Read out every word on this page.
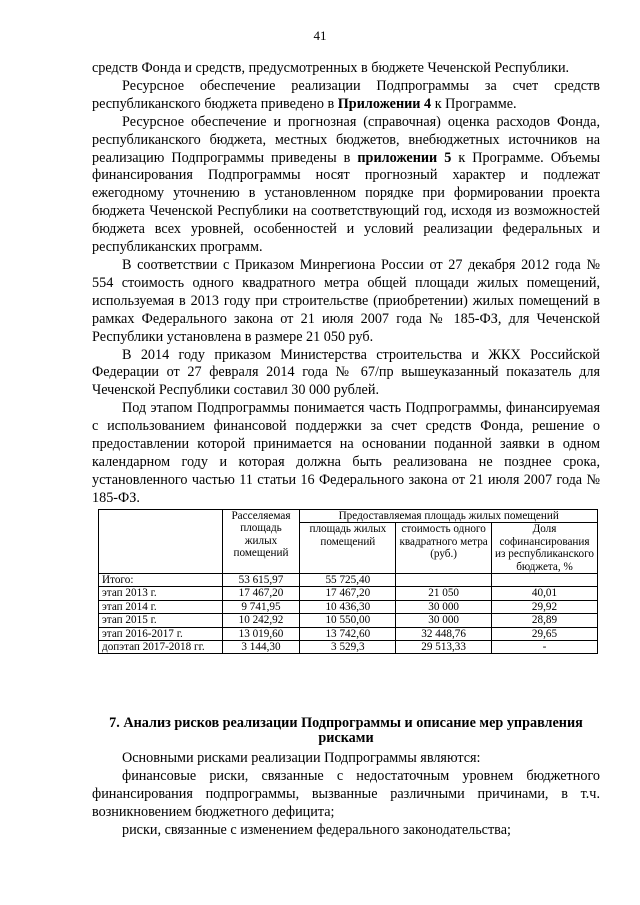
41

средств Фонда и средств, предусмотренных в бюджете Чеченской Республики.

Ресурсное обеспечение реализации Подпрограммы за счет средств республиканского бюджета приведено в Приложении 4 к Программе.

Ресурсное обеспечение и прогнозная (справочная) оценка расходов Фонда, республиканского бюджета, местных бюджетов, внебюджетных источников на реализацию Подпрограммы приведены в приложении 5 к Программе. Объемы финансирования Подпрограммы носят прогнозный характер и подлежат ежегодному уточнению в установленном порядке при формировании проекта бюджета Чеченской Республики на соответствующий год, исходя из возможностей бюджета всех уровней, особенностей и условий реализации федеральных и республиканских программ.

В соответствии с Приказом Минрегиона России от 27 декабря 2012 года № 554 стоимость одного квадратного метра общей площади жилых помещений, используемая в 2013 году при строительстве (приобретении) жилых помещений в рамках Федерального закона от 21 июля 2007 года № 185-ФЗ, для Чеченской Республики установлена в размере 21 050 руб.

В 2014 году приказом Министерства строительства и ЖКХ Российской Федерации от 27 февраля 2014 года № 67/пр вышеуказанный показатель для Чеченской Республики составил 30 000 рублей.

Под этапом Подпрограммы понимается часть Подпрограммы, финансируемая с использованием финансовой поддержки за счет средств Фонда, решение о предоставлении которой принимается на основании поданной заявки в одном календарном году и которая должна быть реализована не позднее срока, установленного частью 11 статьи 16 Федерального закона от 21 июля 2007 года № 185-ФЗ.

	Расселяемая площадь жилых помещений	Предоставляемая площадь жилых помещений		
		площадь жилых помещений	стоимость одного квадратного метра (руб.)	Доля софинансирования из республиканского бюджета, %
Итого:	53 615,97	55 725,40		
этап 2013 г.	17 467,20	17 467,20	21 050	40,01
этап 2014 г.	9 741,95	10 436,30	30 000	29,92
этап 2015 г.	10 242,92	10 550,00	30 000	28,89
этап 2016-2017 г.	13 019,60	13 742,60	32 448,76	29,65
допэтап 2017-2018 гг.	3 144,30	3 529,3	29 513,33	-
7. Анализ рисков реализации Подпрограммы и описание мер управления рисками

Основными рисками реализации Подпрограммы являются:

финансовые риски, связанные с недостаточным уровнем бюджетного финансирования подпрограммы, вызванные различными причинами, в т.ч. возникновением бюджетного дефицита;

риски, связанные с изменением федерального законодательства;
